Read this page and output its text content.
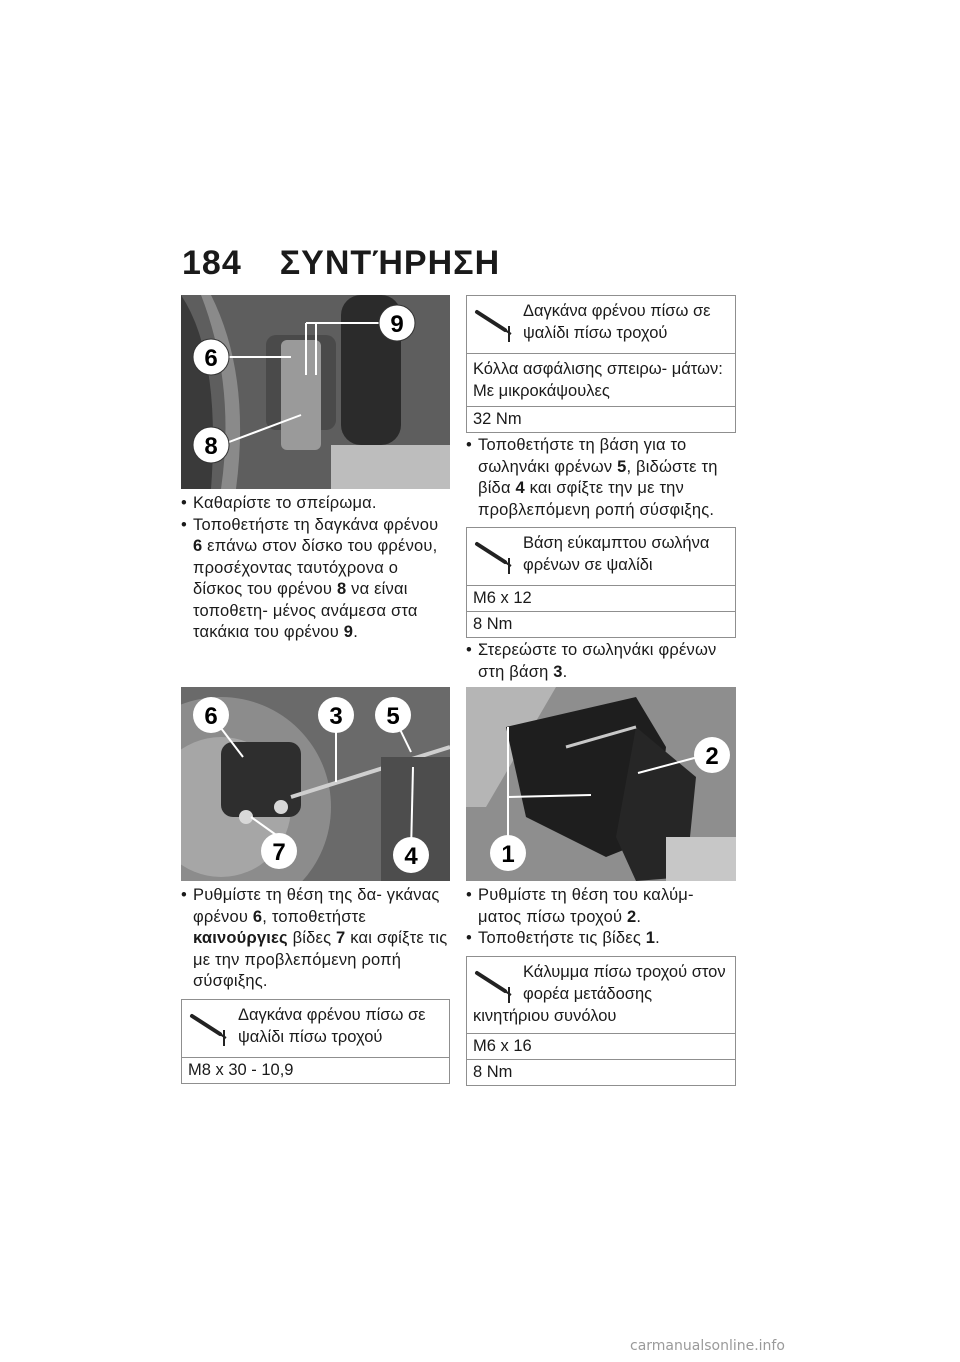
184 ΣΥΝΤΉΡΗΣΗ
6
8
9
• Καθαρίστε το σπείρωμα.
• Τοποθετήστε τη δαγκάνα φρένου 6 επάνω στον δίσκο του φρένου, προσέχοντας ταυτόχρονα ο δίσκος του φρένου 8 να είναι τοποθετη- μένος ανάμεσα στα τακάκια του φρένου 9.
6	3 5
7	4
• Ρυθμίστε τη θέση της δα- γκάνας φρένου 6, τοποθετήστε καινούργιες βίδες 7 και σφίξτε τις με την προβλεπόμενη ροπή σύσφιξης.
Δαγκάνα φρένου πίσω σε ψαλίδι πίσω τροχού
M8 x 30 - 10,9
Δαγκάνα φρένου πίσω σε ψαλίδι πίσω τροχού
Κόλλα ασφάλισης σπειρω- μάτων: Με μικροκάψουλες
32 Nm
• Τοποθετήστε τη βάση για το σωληνάκι φρένων 5, βιδώστε τη βίδα 4 και σφίξτε την με την προβλεπόμενη ροπή σύσφιξης.
Βάση εύκαμπτου σωλήνα φρένων σε ψαλίδι
M6 x 12
8 Nm
• Στερεώστε το σωληνάκι φρένων στη βάση 3.
1
2
• Ρυθμίστε τη θέση του καλύμ- ματος πίσω τροχού 2.
• Τοποθετήστε τις βίδες 1.
Κάλυμμα πίσω τροχού στον φορέα μετάδοσης κινητήριου συνόλου
M6 x 16
8 Nm
carmanualsonline.info
